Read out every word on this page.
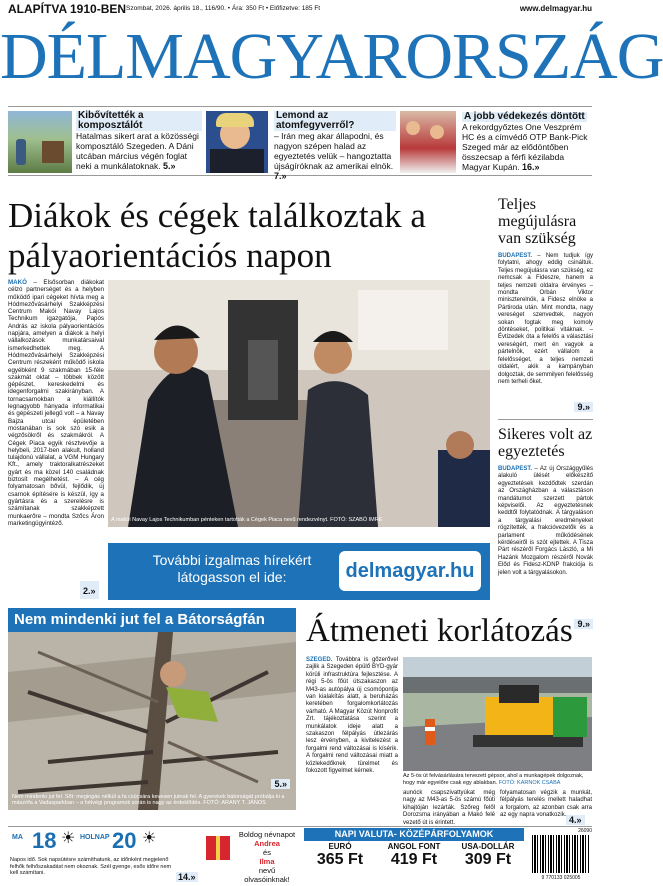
ALAPÍTVA 1910-BEN Szombat, 2026. április 18., 116/90. • Ára: 350 Ft • Előfizetve: 185 Ft	www.delmagyar.hu
DÉLMAGYARORSZÁG
Kibővítették a komposztálót
Hatalmas sikert arat a közösségi komposztáló Szegeden. A Dáni utcában március végén foglat neki a munkálatoknak. 5.»
Lemond az atomfegyverről?
– Irán meg akar állapodni, és nagyon szépen halad az egyeztetés velük – hangoztatta újságíróknak az amerikai elnök. 7.»
A jobb védekezés döntött
A rekordgyőztes One Veszprém HC és a címvédő OTP Bank-Pick Szeged már az elődöntőben összecsap a férfi kézilabda Magyar Kupán. 16.»
Diákok és cégek találkoztak a pályaorientációs napon
MAKÓ – Elsősorban diákokat célzó partnerséget és a helyben működő ipari cégeket hívta meg a Hódmezővásárhelyi Szakképzési Centrum Makói Navay Lajos Technikum igazgatója, Papós András az iskola pályaorientációs napjára, amelyen a diákok a helyi vállalkozások munkatársaival ismerkedhettek meg. A Hódmezővásárhelyi Szakképzési Centrum részeként működő iskola egyébként 9 szakmában 15-féle szakmát oktat – többek között gépészet, kereskedelmi és idegenforgalmi szakirányban. A tornacsarnokban a kiállítók legnagyobb hányada informatikai és gépészeti jellegű volt – a Navay Bajza utcai épületében mostanában is sok szó esik a végzősökről és szakmákról. A Cégek Piaca egyik résztvevője a helybeli, 2017-ben alakult, holland tulajdonú vállalat, a VGM Hungary Kft., amely traktoralkatrészeket gyárt és ma közel 140 családnak biztosít megélhetést. – A cég folyamatosan bővül, fejlődik, új csarnok építésére is készül, így a gyártásra és a szerelésre is számítanak szakképzett munkaerőre – mondta Szőcs Áron marketingügyintéző.
2.»
A makói Navay Lajos Technikumban pénteken tartották a Cégek Piaca nevű rendezvényt. FOTÓ: SZABÓ IMRE
További izgalmas hírekért
látogasson el ide:	delmagyar.hu
Teljes megújulásra van szükség
BUDAPEST. – Nem tudjuk így folytatni, ahogy eddig csináltuk. Teljes megújulásra van szükség, ez nemcsak a Fideszre, hanem a teljes nemzeti oldalra érvényes – mondta Orbán Viktor miniszterelnök, a Fidesz elnöke a Pártiroda után. Mint mondta, nagy vereséget szenvedtek, nagyon sokan fogtak meg komoly döntéseket, politikai vitáknak. – Évtizedek óta a felelős a választási vereségért, mert én vagyok a pártelnök, ezért vállalom a felelősséget, a teljes nemzeti oldalért, akik a kampányban dolgoztak, de semmilyen felelősség nem terheli őket.
9.»
Sikeres volt az egyeztetés
BUDAPEST. – Az új Országgyűlés alakuló ülését előkészítő egyeztetések kezdődtek szerdán az Országházban a választáson mandátumot szerzett pártok képviselői. Az egyeztetésnek keddtől folytatódnak. A tárgyaláson a tárgyalási eredményeket rögzítették, a frakcióvezetők és a parlament működésének kérdéseiről is szót ejtettek. A Tisza Párt részéről Forgács László, a Mi Hazánk Mozgalom részéről Novák Előd és Fidesz-KDNP frakciója is jelen volt a tárgyalásokon.
9.»
Nem mindenki jut fel a Bátorságfán
Nem mindenki jut fel. Sőt: megingás nélkül a fa csúcsára kevesen jutnak fel. A gyerekek bátorságát próbálja ki a mászófa a Vadasparkban – a hétvégi programok során is nagy az érdeklődés. FOTÓ: ARANY T. JÁNOS
5.»
Átmeneti korlátozás
SZEGED. Továbbra is gőzerővel zajlik a Szegeden épülő BYD-gyár körüli infrastruktúra fejlesztése. A régi 5-ös főút útszakaszon az M43-as autópálya új csomópontja van kialakítás alatt, a beruházás keretében forgalomkorlátozás várható. A Magyar Közút Nonprofit Zrt. tájékoztatása szerint a munkálatok ideje alatt a szakaszon félpályás útlezárás lesz érvényben, a kivitelezést a forgalmi rend változásai is kísérik. A forgalmi rend változásai miatt a közlekedőknek türelmet és fokozott figyelmet kérnek.
Az 5-ös út felvásárlására tervezett gépsor, ahol a munkagépek dolgoznak, hogy már egyelőre csak egy ablakban. FOTÓ: KARNOK CSABA
aunóck csapszivattyúkat még nagy az M43-as 5-ös számú főúti kihajtóján lezárták. Szőreg felől Dorozsma irányában a Makó felé vezető út is érintett.
folyamatosan végzik a munkát, félpályás terelés mellett haladhat a forgalom, az azonban csak arra az egy napra vonatkozik. 4.»
MA 18 ☀ HOLNAP 20 ☀
Napos idő. Sok napsütésre számíthatunk, az időnként megjelenő felhők felhőszakadást nem okoznak. Szél gyenge, esős időre nem kell számítani.	14.»
Boldog névnapot
Andrea
és
Ilma
nevű olvasóinknak!
NAPI VALUTA- KÖZÉPÁRFOLYAMOK
EURÓ
365 Ft
ANGOL FONT
419 Ft
USA-DOLLÁR
309 Ft
26090
9 770133 025005
